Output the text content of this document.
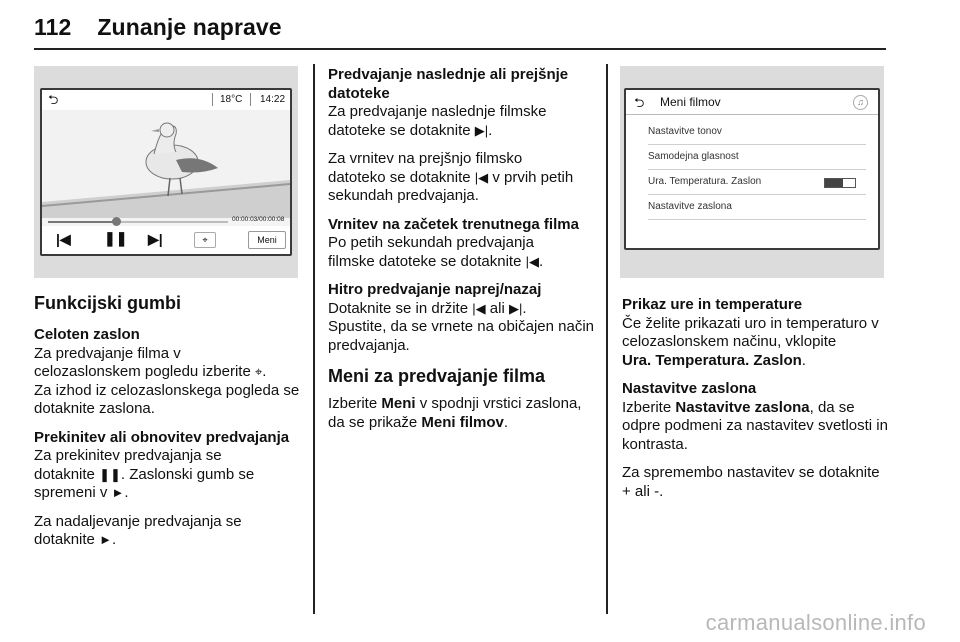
112 Zunanje naprave
⮌	18°C 14:22
00:00:03/00:00:08
|◀ ❚❚ ▶|	⌖	Meni

Funkcijski gumbi

Celoten zaslon

Za predvajanje filma v
celozaslonskem pogledu izberite ⌖.

Za izhod iz celozaslonskega pogleda se dotaknite zaslona.

Prekinitev ali obnovitev predvajanja

Za prekinitev predvajanja se
dotaknite ❚❚. Zaslonski gumb se
spremeni v ►.

Za nadaljevanje predvajanja se
dotaknite ►.

Predvajanje naslednje ali prejšnje datoteke

Za predvajanje naslednje filmske
datoteke se dotaknite ▶|.

Za vrnitev na prejšnjo filmsko
datoteko se dotaknite |◀ v prvih petih
sekundah predvajanja.

Vrnitev na začetek trenutnega filma

Po petih sekundah predvajanja
filmske datoteke se dotaknite |◀.

Hitro predvajanje naprej/nazaj

Dotaknite se in držite |◀ ali ▶|.
Spustite, da se vrnete na običajen način predvajanja.

Meni za predvajanje filma

Izberite Meni v spodnji vrstici zaslona,
da se prikaže Meni filmov.

⮌ Meni filmov	♫
Nastavitve tonov
Samodejna glasnost
Ura. Temperatura. Zaslon
Nastavitve zaslona
Prikaz ure in temperature

Če želite prikazati uro in temperaturo v celozaslonskem načinu, vklopite
Ura. Temperatura. Zaslon.

Nastavitve zaslona

Izberite Nastavitve zaslona, da se odpre podmeni za nastavitev svetlosti in kontrasta.

Za spremembo nastavitev se dotaknite + ali -.

carmanualsonline.info
